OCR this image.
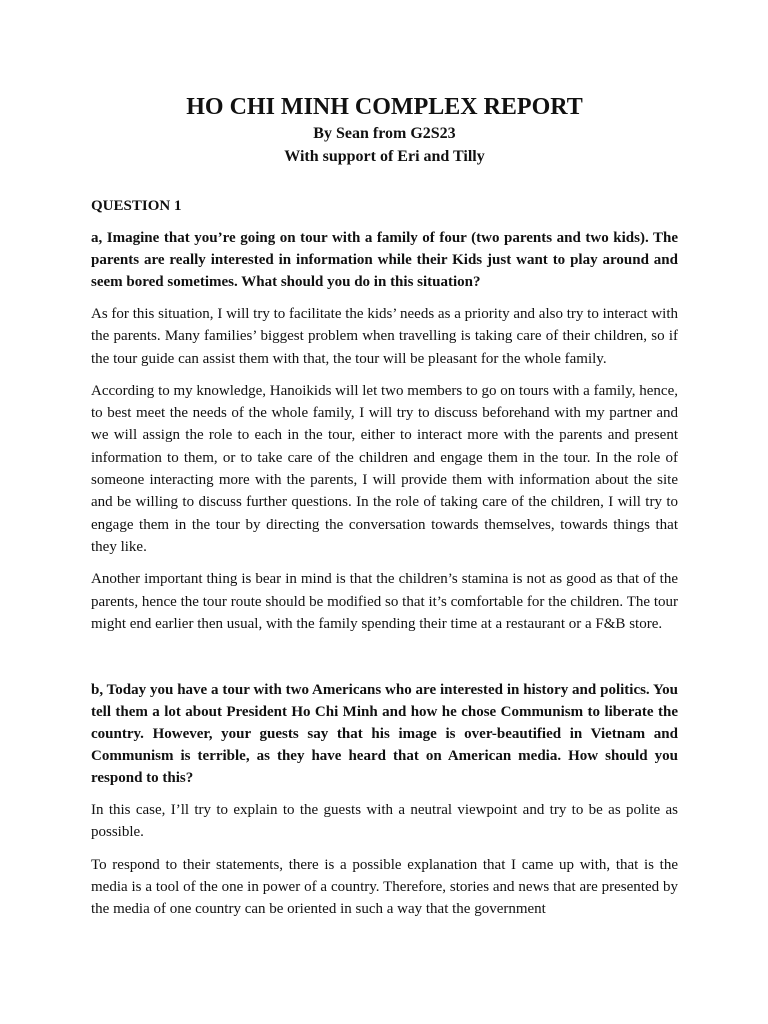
HO CHI MINH COMPLEX REPORT

By Sean from G2S23

With support of Eri and Tilly

QUESTION 1

a, Imagine that you’re going on tour with a family of four (two parents and two kids). The parents are really interested in information while their Kids just want to play around and seem bored sometimes. What should you do in this situation?

As for this situation, I will try to facilitate the kids’ needs as a priority and also try to interact with the parents. Many families’ biggest problem when travelling is taking care of their children, so if the tour guide can assist them with that, the tour will be pleasant for the whole family.

According to my knowledge, Hanoikids will let two members to go on tours with a family, hence, to best meet the needs of the whole family, I will try to discuss beforehand with my partner and we will assign the role to each in the tour, either to interact more with the parents and present information to them, or to take care of the children and engage them in the tour. In the role of someone interacting more with the parents, I will provide them with information about the site and be willing to discuss further questions. In the role of taking care of the children, I will try to engage them in the tour by directing the conversation towards themselves, towards things that they like.

Another important thing is bear in mind is that the children’s stamina is not as good as that of the parents, hence the tour route should be modified so that it’s comfortable for the children. The tour might end earlier then usual, with the family spending their time at a restaurant or a F&B store.

b, Today you have a tour with two Americans who are interested in history and politics. You tell them a lot about President Ho Chi Minh and how he chose Communism to liberate the country. However, your guests say that his image is over-beautified in Vietnam and Communism is terrible, as they have heard that on American media. How should you respond to this?

In this case, I’ll try to explain to the guests with a neutral viewpoint and try to be as polite as possible.

To respond to their statements, there is a possible explanation that I came up with, that is the media is a tool of the one in power of a country. Therefore, stories and news that are presented by the media of one country can be oriented in such a way that the government
